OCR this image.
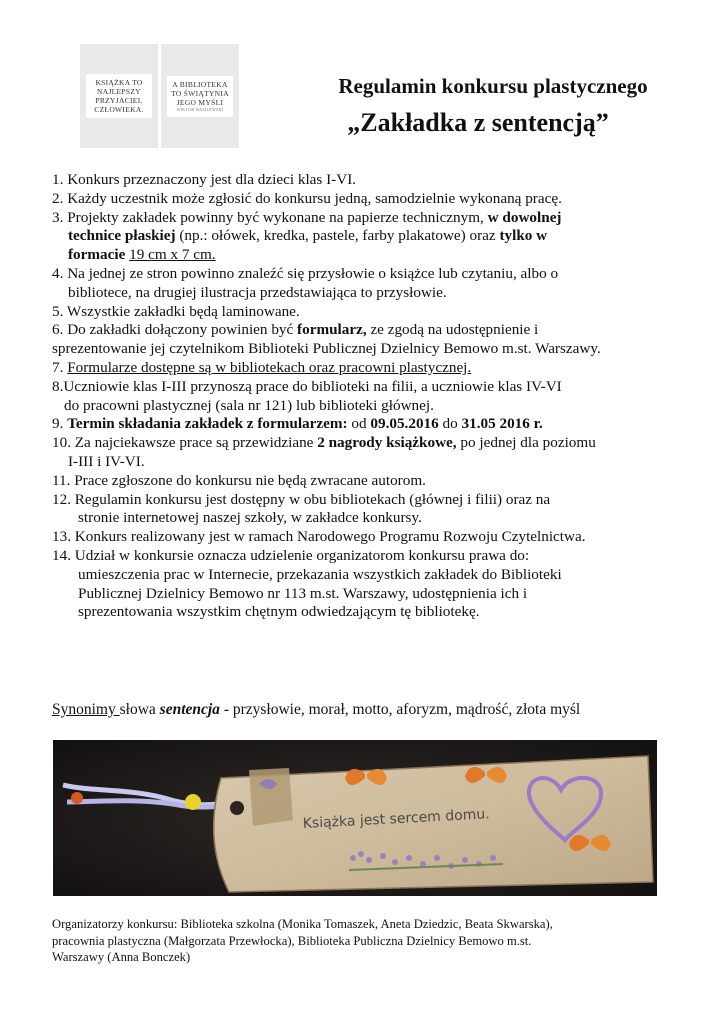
KSIĄŻKA TO NAJLEPSZY PRZYJACIEL CZŁOWIEKA.
A BIBLIOTEKA TO ŚWIĄTYNIA JEGO MYŚLI
WIKTOR WASILEWSKI
Regulamin konkursu plastycznego
„Zakładka z sentencją”
1. Konkurs przeznaczony jest dla dzieci klas I-VI.
2. Każdy uczestnik może zgłosić do konkursu jedną, samodzielnie wykonaną pracę.
3. Projekty zakładek powinny być wykonane na papierze technicznym, w dowolnej
technice płaskiej (np.: ołówek, kredka, pastele, farby plakatowe) oraz tylko w
formacie 19 cm x 7 cm.
4. Na jednej ze stron powinno znaleźć się przysłowie o książce lub czytaniu, albo o
bibliotece, na drugiej ilustracja przedstawiająca to przysłowie.
5. Wszystkie zakładki będą laminowane.
6. Do zakładki dołączony powinien być formularz, ze zgodą na udostępnienie i
sprezentowanie jej czytelnikom Biblioteki Publicznej Dzielnicy Bemowo m.st. Warszawy.
7. Formularze dostępne są w bibliotekach oraz pracowni plastycznej.
8.Uczniowie klas I-III przynoszą prace do biblioteki na filii, a uczniowie klas IV-VI
do pracowni plastycznej (sala nr 121) lub biblioteki głównej.
9. Termin składania zakładek z formularzem: od 09.05.2016 do 31.05 2016 r.
10. Za najciekawsze prace są przewidziane 2 nagrody książkowe, po jednej dla poziomu
I-III i IV-VI.
11. Prace zgłoszone do konkursu nie będą zwracane autorom.
12. Regulamin konkursu jest dostępny w obu bibliotekach (głównej i filii) oraz na
stronie internetowej naszej szkoły, w zakładce konkursy.
13. Konkurs realizowany jest w ramach Narodowego Programu Rozwoju Czytelnictwa.
14. Udział w konkursie oznacza udzielenie organizatorom konkursu prawa do:
umieszczenia prac w Internecie, przekazania wszystkich zakładek do Biblioteki
Publicznej Dzielnicy Bemowo nr 113 m.st. Warszawy, udostępnienia ich i
sprezentowania wszystkim chętnym odwiedzającym tę bibliotekę.
Synonimy słowa sentencja - przysłowie, morał, motto, aforyzm, mądrość, złota myśl
Książka jest sercem domu.
Organizatorzy konkursu: Biblioteka szkolna (Monika Tomaszek, Aneta Dziedzic, Beata Skwarska),
pracownia plastyczna (Małgorzata Przewłocka), Biblioteka Publiczna Dzielnicy Bemowo m.st.
Warszawy (Anna Bonczek)
